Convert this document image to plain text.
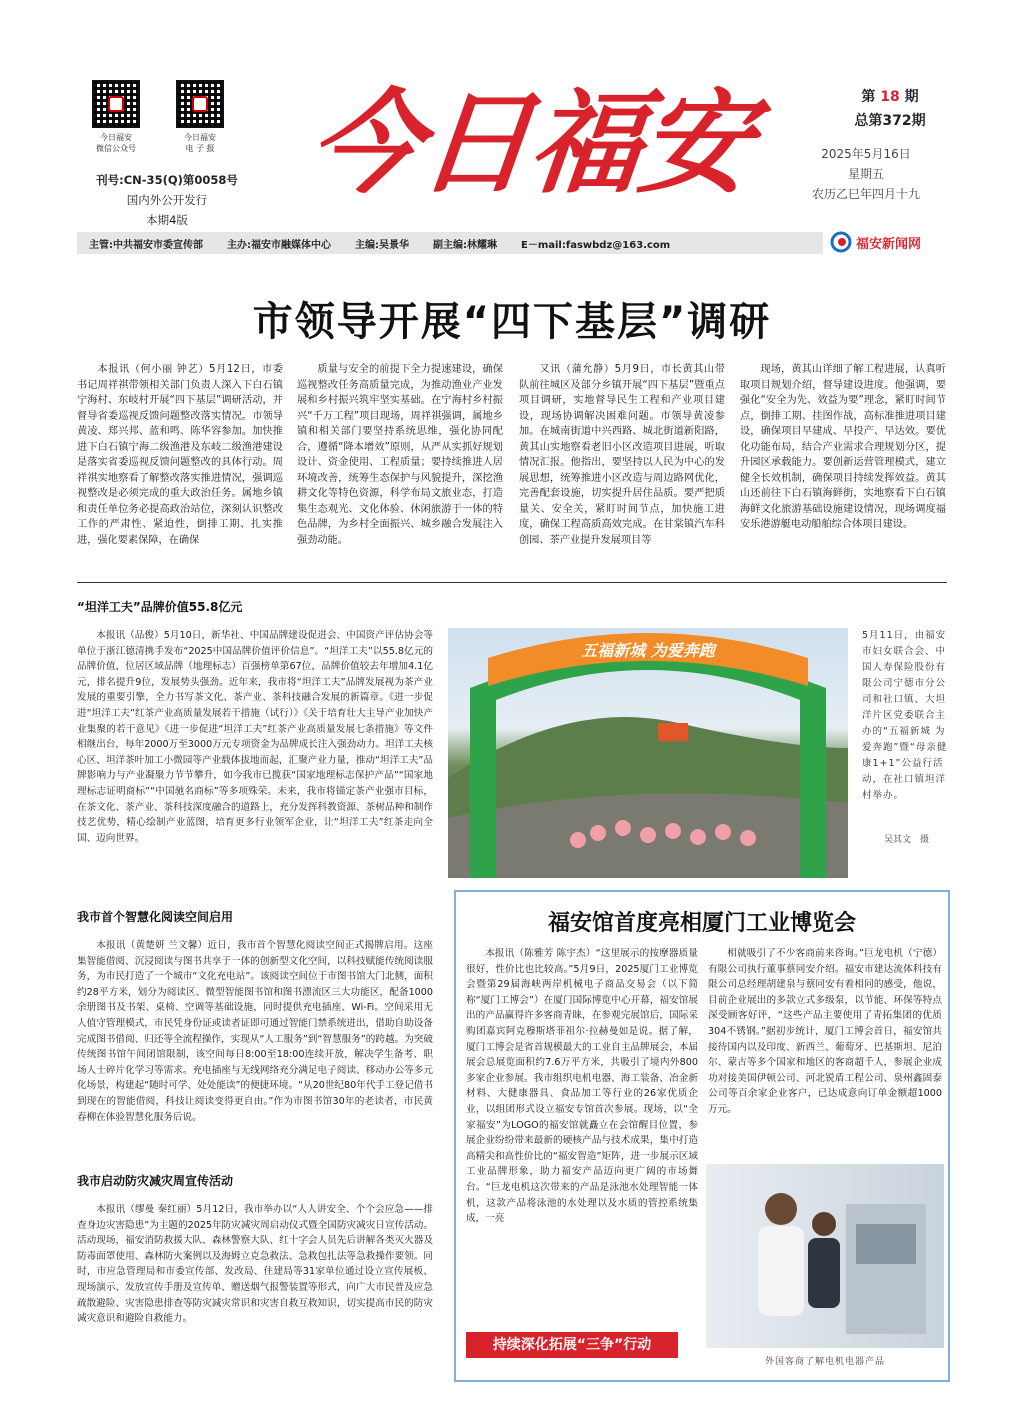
今日福安
微信公众号
今日福安
电 子 报
刊号:CN-35(Q)第0058号
国内外公开发行
本期4版
今日福安	第 18 期
总第372期
2025年5月16日
星期五
农历乙巳年四月十九
主管:中共福安市委宣传部 主办:福安市融媒体中心 主编:吴景华 副主编:林耀琳 E－mail:faswbdz@163.com	福安新闻网
市领导开展“四下基层”调研

本报讯（何小丽 钟艺）5月12日，市委书记周祥祺带领相关部门负责人深入下白石镇宁海村、东岐村开展“四下基层”调研活动，并督导省委巡视反馈问题整改落实情况。市领导黄凌、郑兴邦、蓝和鸣、陈华容参加。加快推进下白石镇宁海二级渔港及东岐二级渔港建设是落实省委巡视反馈问题整改的具体行动。周祥祺实地察看了解整改落实推进情况，强调巡视整改是必须完成的重大政治任务。属地乡镇和责任单位务必提高政治站位，深刻认识整改工作的严肃性、紧迫性，倒排工期、扎实推进，强化要素保障，在确保

质量与安全的前提下全力提速建设，确保巡视整改任务高质量完成，为推动渔业产业发展和乡村振兴筑牢坚实基础。在宁海村乡村振兴“千万工程”项目现场，周祥祺强调，属地乡镇和相关部门要坚持系统思维，强化协同配合，遵循“降本增效”原则，从严从实抓好规划设计、资金使用、工程质量；要持续推进人居环境改善，统筹生态保护与风貌提升，深挖渔耕文化等特色资源，科学布局文旅业态，打造集生态观光、文化体验、休闲旅游于一体的特色品牌，为乡村全面振兴、城乡融合发展注入强劲动能。

又讯（蒲允静）5月9日，市长黄其山带队前往城区及部分乡镇开展“四下基层”暨重点项目调研，实地督导民生工程和产业项目建设，现场协调解决困难问题。市领导黄凌参加。在城南街道中兴西路、城北街道新阳路，黄其山实地察看老旧小区改造项目进展，听取情况汇报。他指出，要坚持以人民为中心的发展思想，统筹推进小区改造与周边路网优化，完善配套设施，切实提升居住品质。要严把质量关、安全关，紧盯时间节点，加快施工进度，确保工程高质高效完成。在甘棠镇汽车科创园、茶产业提升发展项目等

现场，黄其山详细了解工程进展，认真听取项目规划介绍，督导建设进度。他强调，要强化“安全为先、效益为要”理念，紧盯时间节点，倒排工期、挂图作战，高标准推进项目建设，确保项目早建成、早投产、早达效。要优化功能布局，结合产业需求合理规划分区，提升园区承载能力。要创新运营管理模式，建立健全长效机制，确保项目持续发挥效益。黄其山还前往下白石镇海鲜街，实地察看下白石镇海鲜文化旅游基础设施建设情况，现场调度福安乐港游艇电动船舶综合体项目建设。

“坦洋工夫”品牌价值55.8亿元

本报讯（品俊）5月10日，新华社、中国品牌建设促进会、中国资产评估协会等单位于浙江德清携手发布“2025中国品牌价值评价信息”。“坦洋工夫”以55.8亿元的品牌价值，位居区域品牌（地理标志）百强榜单第67位，品牌价值较去年增加4.1亿元，排名提升9位，发展势头强劲。近年来，我市将“坦洋工夫”品牌发展视为茶产业发展的重要引擎，全力书写茶文化、茶产业、茶科技融合发展的新篇章。《进一步促进“坦洋工夫”红茶产业高质量发展若干措施（试行）》《关于培育壮大主导产业加快产业集聚的若干意见》《进一步促进“坦洋工夫”红茶产业高质量发展七条措施》等文件相继出台，每年2000万至3000万元专项资金为品牌成长注入强劲动力。坦洋工夫核心区、坦洋茶叶加工小微园等产业载体拔地而起，汇聚产业力量，推动“坦洋工夫”品牌影响力与产业凝聚力节节攀升，如今我市已揽获“国家地理标志保护产品”“国家地理标志证明商标”“中国驰名商标”等多项殊荣。未来，我市将锚定茶产业强市目标，在茶文化、茶产业、茶科技深度融合的道路上，充分发挥科教资源、茶树品种和制作技艺优势，精心绘制产业蓝图，培育更多行业领军企业，让“坦洋工夫”红茶走向全国、迈向世界。

五福新城 为爱奔跑
5月11日，由福安市妇女联合会、中国人寿保险股份有限公司宁德市分公司和社口镇、大坦洋片区党委联合主办的“五福新城 为爱奔跑”暨“母亲健康1+1”公益行活动，在社口镇坦洋村举办。
吴其文　摄
我市首个智慧化阅读空间启用

本报讯（黄楚妍 兰文馨）近日，我市首个智慧化阅读空间正式揭牌启用。这座集智能借阅、沉浸阅读与图书共享于一体的创新型文化空间，以科技赋能传统阅读服务，为市民打造了一个城市“文化充电站”。该阅读空间位于市图书馆大门北侧，面积约28平方米，划分为阅读区、微型智能图书馆和图书漂流区三大功能区，配备1000余册图书及书架、桌椅、空调等基础设施，同时提供充电插座、Wi-Fi。空间采用无人值守管理模式，市民凭身份证或读者证即可通过智能门禁系统进出，借助自助设备完成图书借阅、归还等全流程操作，实现从“人工服务”到“智慧服务”的跨越。为突破传统图书馆午间闭馆限制，该空间每日8:00至18:00连续开放，解决学生备考、职场人士碎片化学习等需求。充电插座与无线网络充分满足电子阅读、移动办公等多元化场景，构建起“随时可学、处处能读”的便捷环境。“从20世纪80年代手工登记借书到现在的智能借阅，科技让阅读变得更自由。”作为市图书馆30年的老读者，市民黄春柳在体验智慧化服务后说。

我市启动防灾减灾周宣传活动

本报讯（缪曼 秦红丽）5月12日，我市举办以“人人讲安全、个个会应急——排查身边灾害隐患”为主题的2025年防灾减灾周启动仪式暨全国防灾减灾日宣传活动。活动现场，福安消防救援大队、森林警察大队、红十字会人员先后讲解各类灭火器及防毒面罩使用、森林防火案例以及海姆立克急救法、急救包扎法等急救操作要领。同时，市应急管理局和市委宣传部、发改局、住建局等31家单位通过设立宣传展板、现场演示、发放宣传手册及宣传单、赠送烟气报警装置等形式，向广大市民普及应急疏散避险、灾害隐患排查等防灾减灾常识和灾害自救互救知识，切实提高市民的防灾减灾意识和避险自救能力。

福安馆首度亮相厦门工业博览会

本报讯（陈雅芳 陈宇杰）“这里展示的按摩器质量很好，性价比也比较高。”5月9日，2025厦门工业博览会暨第29届海峡两岸机械电子商品交易会（以下简称“厦门工博会”）在厦门国际博览中心开幕，福安馆展出的产品赢得许多客商青睐，在参观完展馆后，国际采购团嘉宾阿克穆斯塔菲祖尔·拉赫曼如是说。据了解，厦门工博会是省首规模最大的工业自主品牌展会，本届展会总展览面积约7.6万平方米，共吸引了境内外800多家企业参展。我市组织电机电器、海工装备、冶金新材料、大健康器具、食品加工等行业的26家优质企业，以组团形式设立福安专馆首次参展。现场，以“全家福安”为LOGO的福安馆就矗立在会馆醒目位置，参展企业纷纷带来最新的硬核产品与技术成果，集中打造高精尖和高性价比的“福安智造”矩阵，进一步展示区域工业品牌形象，助力福安产品迈向更广阔的市场舞台。“巨龙电机这次带来的产品是泳池水处理智能一体机，这款产品将泳池的水处理以及水质的管控系统集成，一亮

相就吸引了不少客商前来咨询。”巨龙电机（宁德）有限公司执行董事蔡同安介绍。福安市建达流体科技有限公司总经理胡建泉与蔡同安有着相同的感受，他说，目前企业展出的多款立式多级泵，以节能、环保等特点深受顾客好评，“这些产品主要使用了青拓集团的优质304不锈钢。”据初步统计，厦门工博会首日，福安馆共接待国内以及印度、新西兰、葡萄牙、巴基斯坦、尼泊尔、蒙古等多个国家和地区的客商超千人，参展企业成功对接美国伊顿公司、河北锐盾工程公司、泉州鑫固泰公司等百余家企业客户，已达成意向订单金额超1000万元。

外国客商了解电机电器产品
持续深化拓展“三争”行动
